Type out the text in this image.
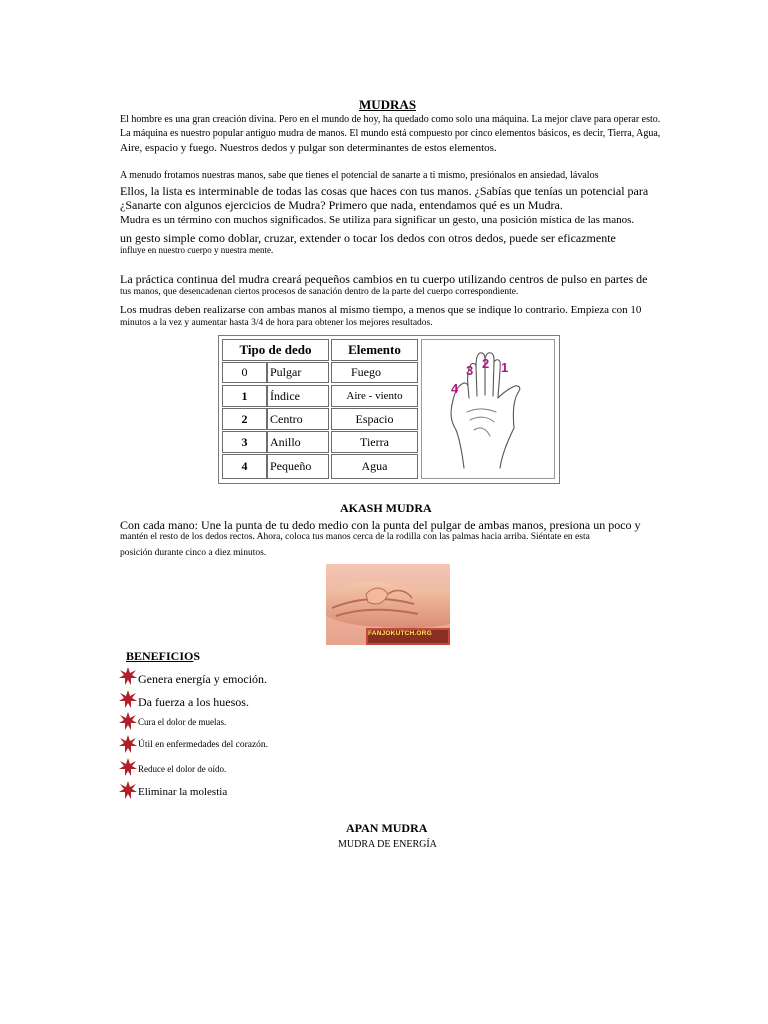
MUDRAS
El hombre es una gran creación divina. Pero en el mundo de hoy, ha quedado como solo una máquina. La mejor clave para operar esto.
La máquina es nuestro popular antiguo mudra de manos. El mundo está compuesto por cinco elementos básicos, es decir, Tierra, Agua,
Aire, espacio y fuego. Nuestros dedos y pulgar son determinantes de estos elementos.
A menudo frotamos nuestras manos, sabe que tienes el potencial de sanarte a ti mismo, presiónalos en ansiedad, lávalos
Ellos, la lista es interminable de todas las cosas que haces con tus manos. ¿Sabías que tenías un potencial para
¿Sanarte con algunos ejercicios de Mudra? Primero que nada, entendamos qué es un Mudra.
Mudra es un término con muchos significados. Se utiliza para significar un gesto, una posición mística de las manos.
un gesto simple como doblar, cruzar, extender o tocar los dedos con otros dedos, puede ser eficazmente
influye en nuestro cuerpo y nuestra mente.
La práctica continua del mudra creará pequeños cambios en tu cuerpo utilizando centros de pulso en partes de
tus manos, que desencadenan ciertos procesos de sanación dentro de la parte del cuerpo correspondiente.
Los mudras deben realizarse con ambas manos al mismo tiempo, a menos que se indique lo contrario. Empieza con 10
minutos a la vez y aumentar hasta 3/4 de hora para obtener los mejores resultados.
Tipo de dedo	Elemento
0	Pulgar	Fuego
1	Índice	Aire - viento
2	Centro	Espacio
3	Anillo	Tierra
4	Pequeño	Agua
1
2
3
4
AKASH MUDRA
Con cada mano: Une la punta de tu dedo medio con la punta del pulgar de ambas manos, presiona un poco y
mantén el resto de los dedos rectos. Ahora, coloca tus manos cerca de la rodilla con las palmas hacia arriba. Siéntate en esta
posición durante cinco a diez minutos.
FANJOKUTCH.ORG
BENEFICIOS
Genera energía y emoción.
Da fuerza a los huesos.
Cura el dolor de muelas.
Útil en enfermedades del corazón.
Reduce el dolor de oído.
Eliminar la molestia
APAN MUDRA
MUDRA DE ENERGÍA
